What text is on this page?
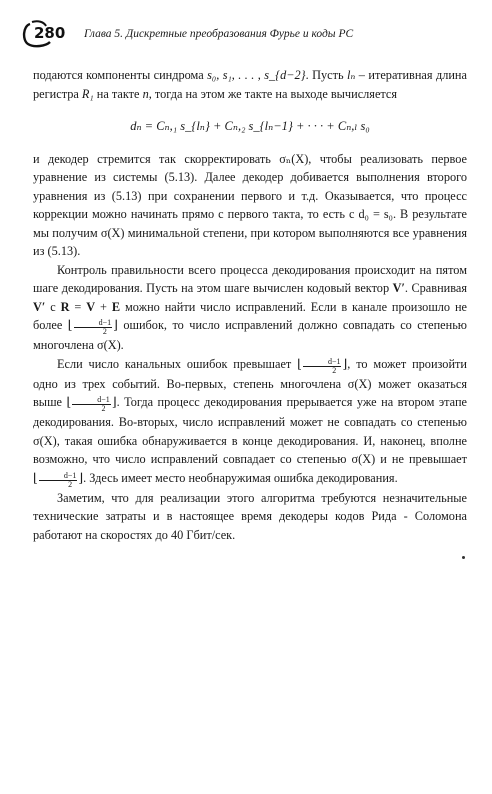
280 Глава 5. Дискретные преобразования Фурье и коды РС

подаются компоненты синдрома s₀, s₁, . . . , s_{d−2}. Пусть lₙ – итеративная длина регистра R₁ на такте n, тогда на этом же такте на выходе вычисляется

dₙ = Cₙ,₁ s_{lₙ} + Cₙ,₂ s_{lₙ−1} + · · · + Cₙ,ₗ s₀

и декодер стремится так скорректировать σₙ(X), чтобы реализовать первое уравнение из системы (5.13). Далее декодер добивается выполнения второго уравнения из (5.13) при сохранении первого и т.д. Оказывается, что процесс коррекции можно начинать прямо с первого такта, то есть с d₀ = s₀. В результате мы получим σ(X) минимальной степени, при котором выполняются все уравнения из (5.13).

Контроль правильности всего процесса декодирования происходит на пятом шаге декодирования. Пусть на этом шаге вычислен кодовый вектор V′. Сравнивая V′ с R = V + E можно найти число исправлений. Если в канале произошло не более ⌊ $\frac{d-1}{2}$ ⌋ ошибок, то число исправлений должно совпадать со степенью многочлена σ(X).

Если число канальных ошибок превышает ⌊ $\frac{d-1}{2}$ ⌋, то может произойти одно из трех событий. Во-первых, степень многочлена σ(X) может оказаться выше ⌊ $\frac{d-1}{2}$ ⌋. Тогда процесс декодирования прерывается уже на втором этапе декодирования. Во-вторых, число исправлений может не совпадать со степенью σ(X), такая ошибка обнаруживается в конце декодирования. И, наконец, вполне возможно, что число исправлений совпадает со степенью σ(X) и не превышает ⌊ $\frac{d-1}{2}$ ⌋. Здесь имеет место необнаружимая ошибка декодирования.

Заметим, что для реализации этого алгоритма требуются незначительные технические затраты и в настоящее время декодеры кодов Рида - Соломона работают на скоростях до 40 Гбит/сек.
